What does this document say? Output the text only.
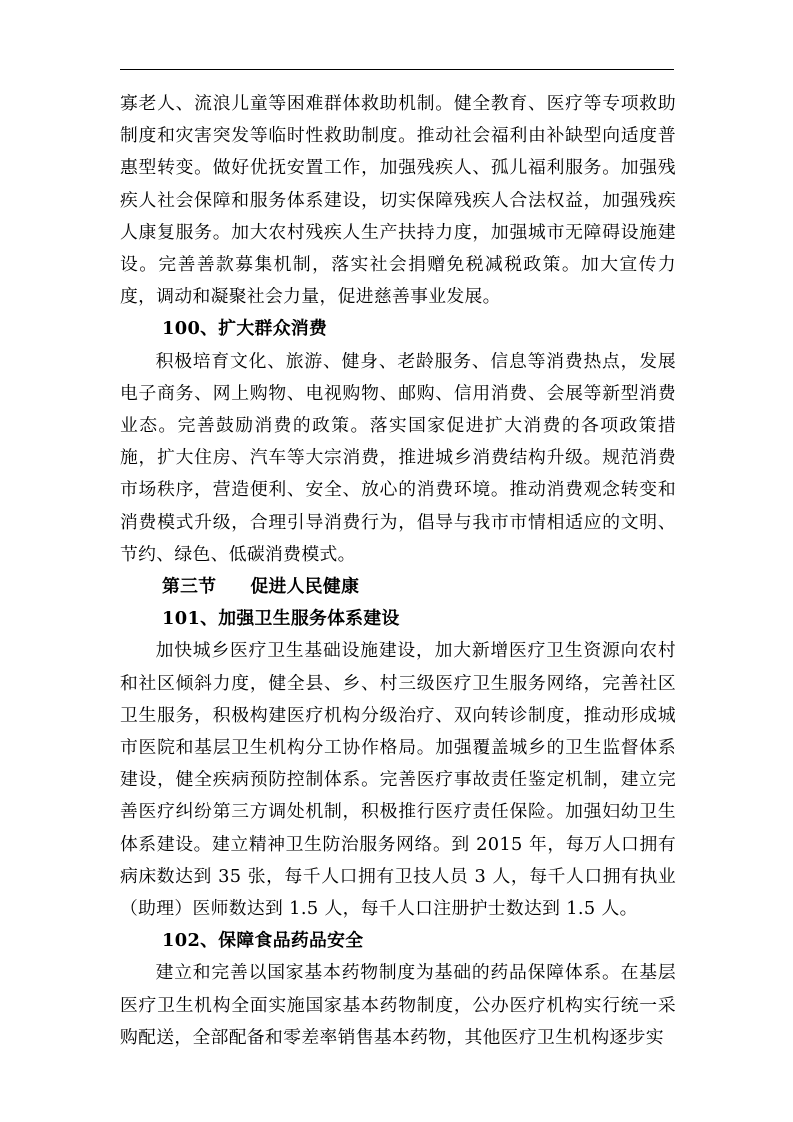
寡老人、流浪儿童等困难群体救助机制。健全教育、医疗等专项救助制度和灾害突发等临时性救助制度。推动社会福利由补缺型向适度普惠型转变。做好优抚安置工作，加强残疾人、孤儿福利服务。加强残疾人社会保障和服务体系建设，切实保障残疾人合法权益，加强残疾人康复服务。加大农村残疾人生产扶持力度，加强城市无障碍设施建设。完善善款募集机制，落实社会捐赠免税减税政策。加大宣传力度，调动和凝聚社会力量，促进慈善事业发展。

100、扩大群众消费

积极培育文化、旅游、健身、老龄服务、信息等消费热点，发展电子商务、网上购物、电视购物、邮购、信用消费、会展等新型消费业态。完善鼓励消费的政策。落实国家促进扩大消费的各项政策措施，扩大住房、汽车等大宗消费，推进城乡消费结构升级。规范消费市场秩序，营造便利、安全、放心的消费环境。推动消费观念转变和消费模式升级，合理引导消费行为，倡导与我市市情相适应的文明、节约、绿色、低碳消费模式。

第三节 促进人民健康

101、加强卫生服务体系建设

加快城乡医疗卫生基础设施建设，加大新增医疗卫生资源向农村和社区倾斜力度，健全县、乡、村三级医疗卫生服务网络，完善社区卫生服务，积极构建医疗机构分级治疗、双向转诊制度，推动形成城市医院和基层卫生机构分工协作格局。加强覆盖城乡的卫生监督体系建设，健全疾病预防控制体系。完善医疗事故责任鉴定机制，建立完善医疗纠纷第三方调处机制，积极推行医疗责任保险。加强妇幼卫生体系建设。建立精神卫生防治服务网络。到 2015 年，每万人口拥有病床数达到 35 张，每千人口拥有卫技人员 3 人，每千人口拥有执业（助理）医师数达到 1.5 人，每千人口注册护士数达到 1.5 人。

102、保障食品药品安全

建立和完善以国家基本药物制度为基础的药品保障体系。在基层医疗卫生机构全面实施国家基本药物制度，公办医疗机构实行统一采购配送，全部配备和零差率销售基本药物，其他医疗卫生机构逐步实
